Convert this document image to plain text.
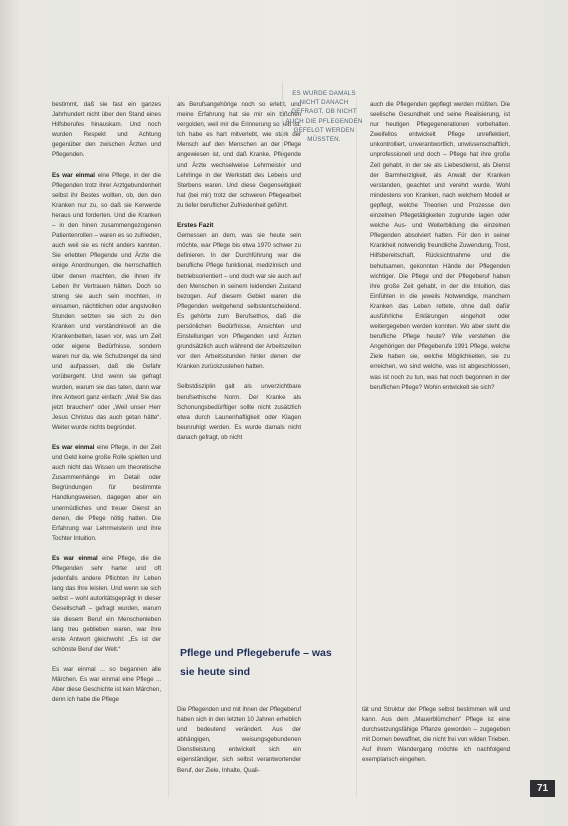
bestimmt, daß sie fast ein ganzes Jahrhundert nicht über den Stand eines Hilfsberufes hinauskam. Und noch wurden Respekt und Achtung gegenüber den zwischen Ärzten und Pflegenden.

Es war einmal eine Pflege, in der die Pflegenden trotz ihrer Arztgebundenheit selbst ihr Bestes wollten, ob, den den Kranken nur zu, so daß sie Kerwerde heraus und forderten. Und die Kranken – in den hinen zusammengezogenen Patientenrollen – waren es so zufrieden, auch weil sie es nicht anders kannten. Sie erlebten Pflegende und Ärzte die einige Anordnungen, die herrschaftlich über denen machten, die ihnen ihr Leben ihr Vertrauen hätten. Doch so streng sie auch sein mochten, in einsamen, nächtlichen oder angstvollen Stunden setzten sie sich zu den Kranken und verständnisvoll an die Krankenbetten, lasen vor, was um Zeit oder eigene Bedürfnisse, sondern waren nur da, wie Schutzengel da sind und aufpassen, daß die Gefahr vorübergeht. Und wenn sie gefragt wurden, warum sie das taten, dann war ihre Antwort ganz einfach: „Weil Sie das jetzt brauchen“ oder „Weil unser Herr Jesus Christus das auch getan hätte“. Weiter wurde nichts begründet.

Es war einmal eine Pflege, in der Zeit und Geld keine große Rolle spielten und auch nicht das Wissen um theoretische Zusammenhänge im Detail oder Begründungen für bestimmte Handlungsweisen, dagegen aber ein unermüdliches und treuer Dienst an denen, die Pflege nötig hatten. Die Erfahrung war Lehrmeisterin und ihre Tochter Intuition.

Es war einmal eine Pflege, die die Pflegenden sehr harter und oft jedenfalls andere Pflichten ihr Leben lang das Ihre leisten. Und wenn sie sich selbst – wohl autoritätsgeprägt in dieser Gesellschaft – gefragt wurden, warum sie diesem Beruf ein Menschenleben lang treu geblieben waren, war ihre erste Antwort gleichwohl: „Es ist der schönste Beruf der Welt.“

Es war einmal ... so begannen alle Märchen. Es war einmal eine Pflege ... Aber diese Geschichte ist kein Märchen, denn ich habe die Pflege

als Berufsangehörige noch so erlebt, und meine Erfahrung hat sie mir ein bißchen vergolden, weil mir die Erinnerung so lieb ist. Ich habe es hart mitverlebt, wie stark der Mensch auf den Menschen an der Pflege angewiesen ist, und daß Kranke, Pflegende und Ärzte wechselweise Lehrmeister und Lehrlinge in der Werkstatt des Lebens und Sterbens waren. Und diese Gegenseitigkeit hat (bei mir) trotz der schweren Pflegearbeit zu tiefer beruflicher Zufriedenheit geführt.

Erstes Fazit

Gemessen an dem, was sie heute sein möchte, war Pflege bis etwa 1970 schwer zu definieren. In der Durchführung war die berufliche Pflege funktional, medizinisch und betriebsorientiert – und doch war sie auch auf den Menschen in seinem leidenden Zustand bezogen. Auf diesem Gebiet waren die Pflegenden weitgehend selbstentscheidend. Es gehörte zum Berufsethos, daß die persönlichen Bedürfnisse, Ansichten und Einstellungen von Pflegenden und Ärzten grundsätzlich auch während der Arbeitszeiten vor den Arbeitsstunden hinter denen der Kranken zurückzustehen hatten.

Selbstdisziplin galt als unverzichtbare berufsethische Norm. Der Kranke als Schonungsbedürftiger sollte nicht zusätzlich etwa durch Launenhaftigkeit oder Klagen beunruhigt werden. Es wurde damals nicht danach gefragt, ob nicht

ES WURDE DAMALS NICHT DANACH GEFRAGT, OB NICHT AUCH DIE PFLEGENDEN GEFELGT WERDEN MÜSSTEN.

auch die Pflegenden gepflegt werden müßten. Die seelische Gesundheit und seine Realisierung, ist nur heutigen Pflegegenerationen vorbehalten. Zweifellos entwickelt Pflege unreflektiert, unkontrolliert, unverantwortlich, unwissenschaftlich, unprofessionell und doch – Pflege hat ihre große Zeit gehabt, in der sie als Liebesdienst, als Dienst der Barmherzigkeit, als Anwalt der Kranken verstanden, geachtet und verehrt wurde. Wohl mindestens von Kranken, nach welchem Modell er gepflegt, welche Theorien und Prozesse den einzelnen Pflegetätigkeiten zugrunde lagen oder welche Aus- und Weiterbildung die einzelnen Pflegenden absolviert hatten. Für den in seiner Krankheit notwendig freundliche Zuwendung, Trost, Hilfsbereitschaft, Rücksichtnahme und die behutsamen, gekonnten Hände der Pflegenden wichtiger. Die Pflege und der Pflegeberuf haben ihre große Zeit gehabt, in der die Intuition, das Einfühlen in die jeweils Notwendige, manchem Kranken das Leben rettete, ohne daß dafür ausführliche Erklärungen eingeholt oder weitergegeben werden konnten. Wo aber steht die berufliche Pflege heute? Wie verstehen die Angehörigen der Pflegeberufe 1991 Pflege, welche Ziele haben sie, welche Möglichkeiten, sie zu erreichen, wo sind welche, was ist abgeschlossen, was ist noch zu tun, was hat noch begonnen in der beruflichen Pflege? Wohin entwickelt sie sich?

Pflege und Pflegeberufe – was sie heute sind

Die Pflegenden und mit ihnen der Pflegeberuf haben sich in den letzten 10 Jahren erheblich und bedeutend verändert. Aus der abhängigen, weisungsgebundenen Dienstleistung entwickelt sich ein eigenständiger, sich selbst verantwortender Beruf, der Ziele, Inhalte, Quali-

tät und Struktur der Pflege selbst bestimmen will und kann. Aus dem „Mauerblümchen“ Pflege ist eine durchsetzungsfähige Pflanze geworden – zugegeben mit Dornen bewaffnet, die nicht frei von wilden Trieben. Auf ihrem Wandergang möchte ich nachfolgend exemplarisch eingehen.

71
